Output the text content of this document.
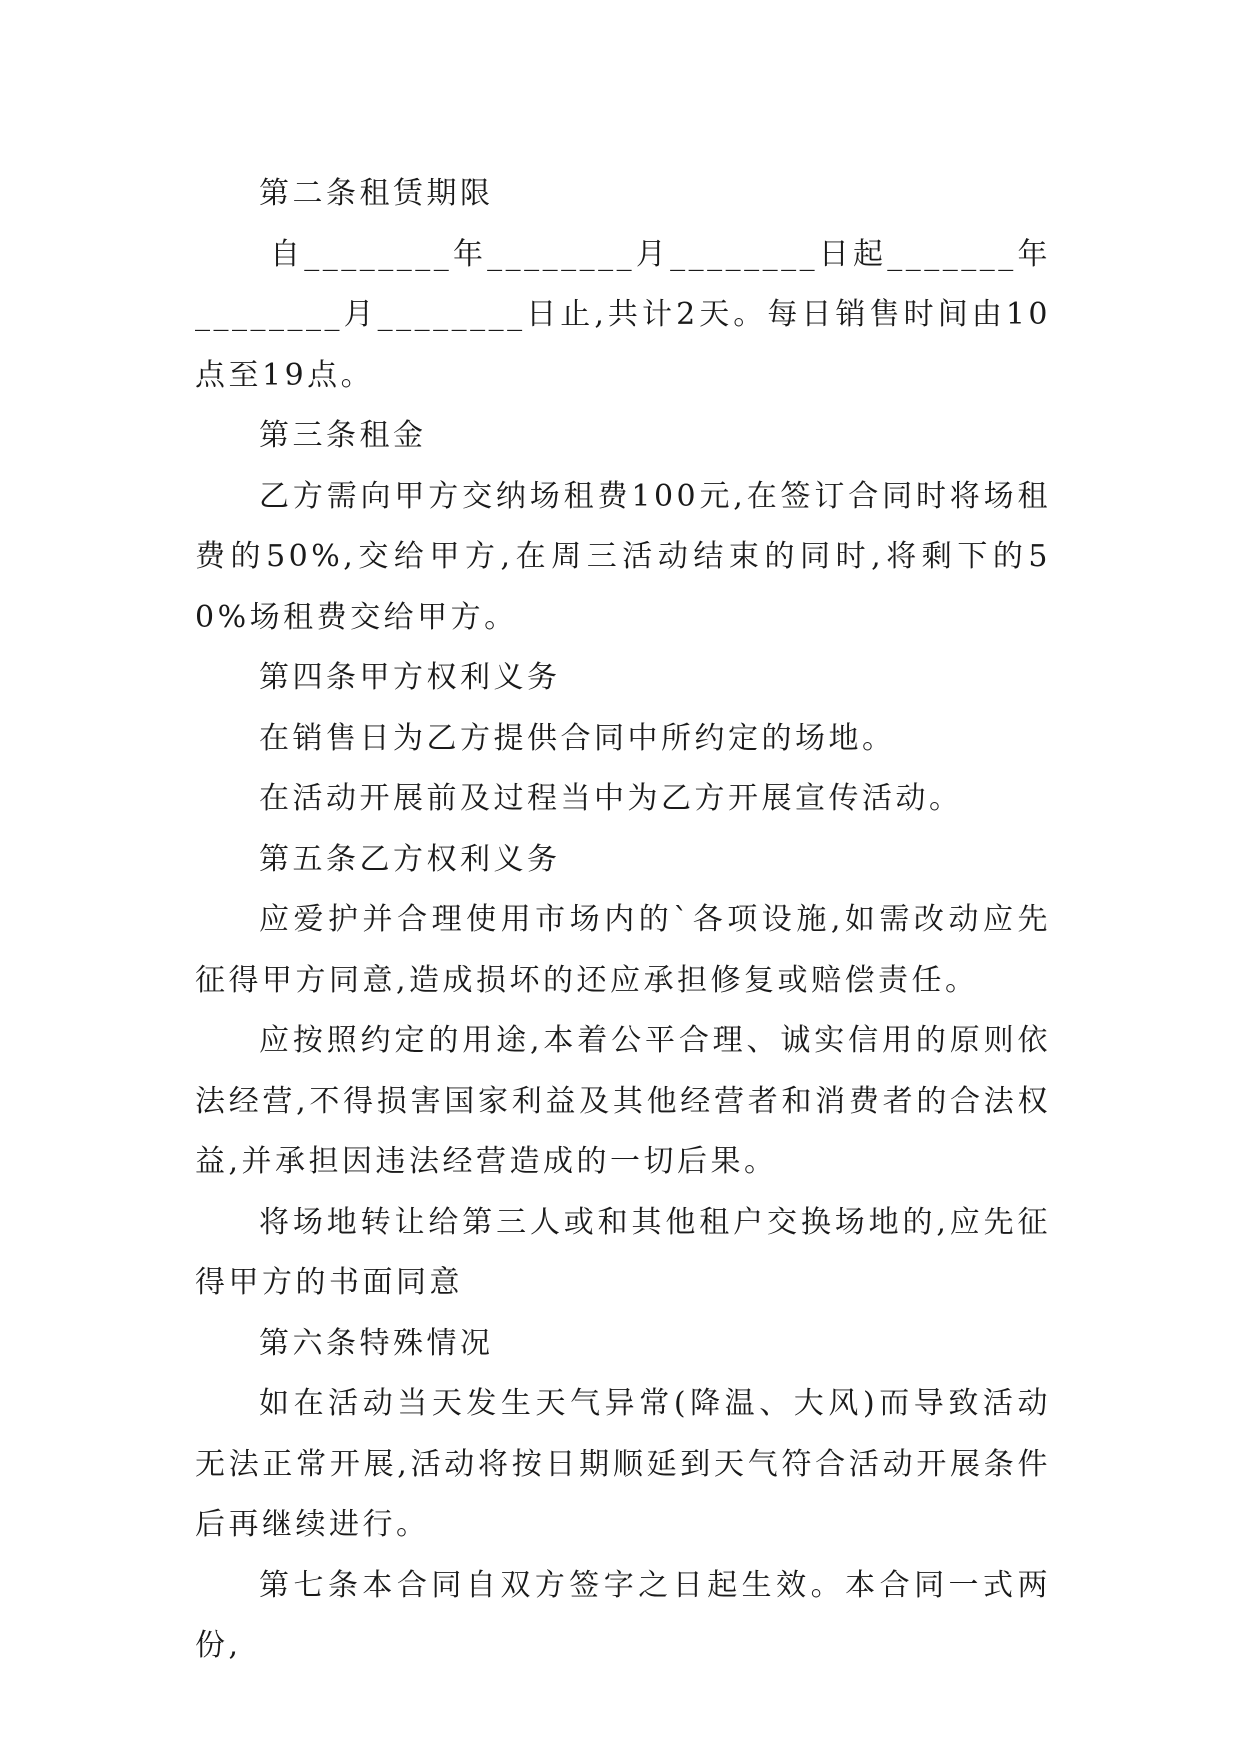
第二条租赁期限

自________年________月________日起_______年________月________日止,共计2天。每日销售时间由10点至19点。

第三条租金

乙方需向甲方交纳场租费100元,在签订合同时将场租费的50%,交给甲方,在周三活动结束的同时,将剩下的50%场租费交给甲方。

第四条甲方权利义务

在销售日为乙方提供合同中所约定的场地。

在活动开展前及过程当中为乙方开展宣传活动。

第五条乙方权利义务

应爱护并合理使用市场内的`各项设施,如需改动应先征得甲方同意,造成损坏的还应承担修复或赔偿责任。

应按照约定的用途,本着公平合理、诚实信用的原则依法经营,不得损害国家利益及其他经营者和消费者的合法权益,并承担因违法经营造成的一切后果。

将场地转让给第三人或和其他租户交换场地的,应先征得甲方的书面同意

第六条特殊情况

如在活动当天发生天气异常(降温、大风)而导致活动无法正常开展,活动将按日期顺延到天气符合活动开展条件后再继续进行。

第七条本合同自双方签字之日起生效。本合同一式两份,
